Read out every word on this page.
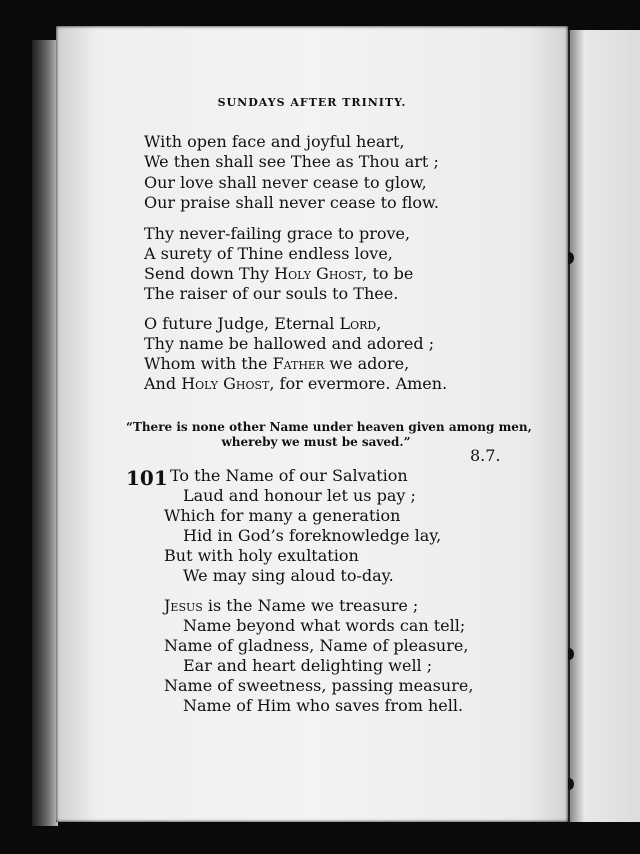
SUNDAYS AFTER TRINITY.
With open face and joyful heart,
We then shall see Thee as Thou art ;
Our love shall never cease to glow,
Our praise shall never cease to flow.
Thy never-failing grace to prove,
A surety of Thine endless love,
Send down Thy Holy Ghost, to be
The raiser of our souls to Thee.
O future Judge, Eternal Lord,
Thy name be hallowed and adored ;
Whom with the Father we adore,
And Holy Ghost, for evermore. Amen.
“There is none other Name under heaven given among men,
whereby we must be saved.”
8.7.
101 To the Name of our Salvation
Laud and honour let us pay ;
Which for many a generation
Hid in God’s foreknowledge lay,
But with holy exultation
We may sing aloud to-day.
Jesus is the Name we treasure ;
Name beyond what words can tell;
Name of gladness, Name of pleasure,
Ear and heart delighting well ;
Name of sweetness, passing measure,
Name of Him who saves from hell.
